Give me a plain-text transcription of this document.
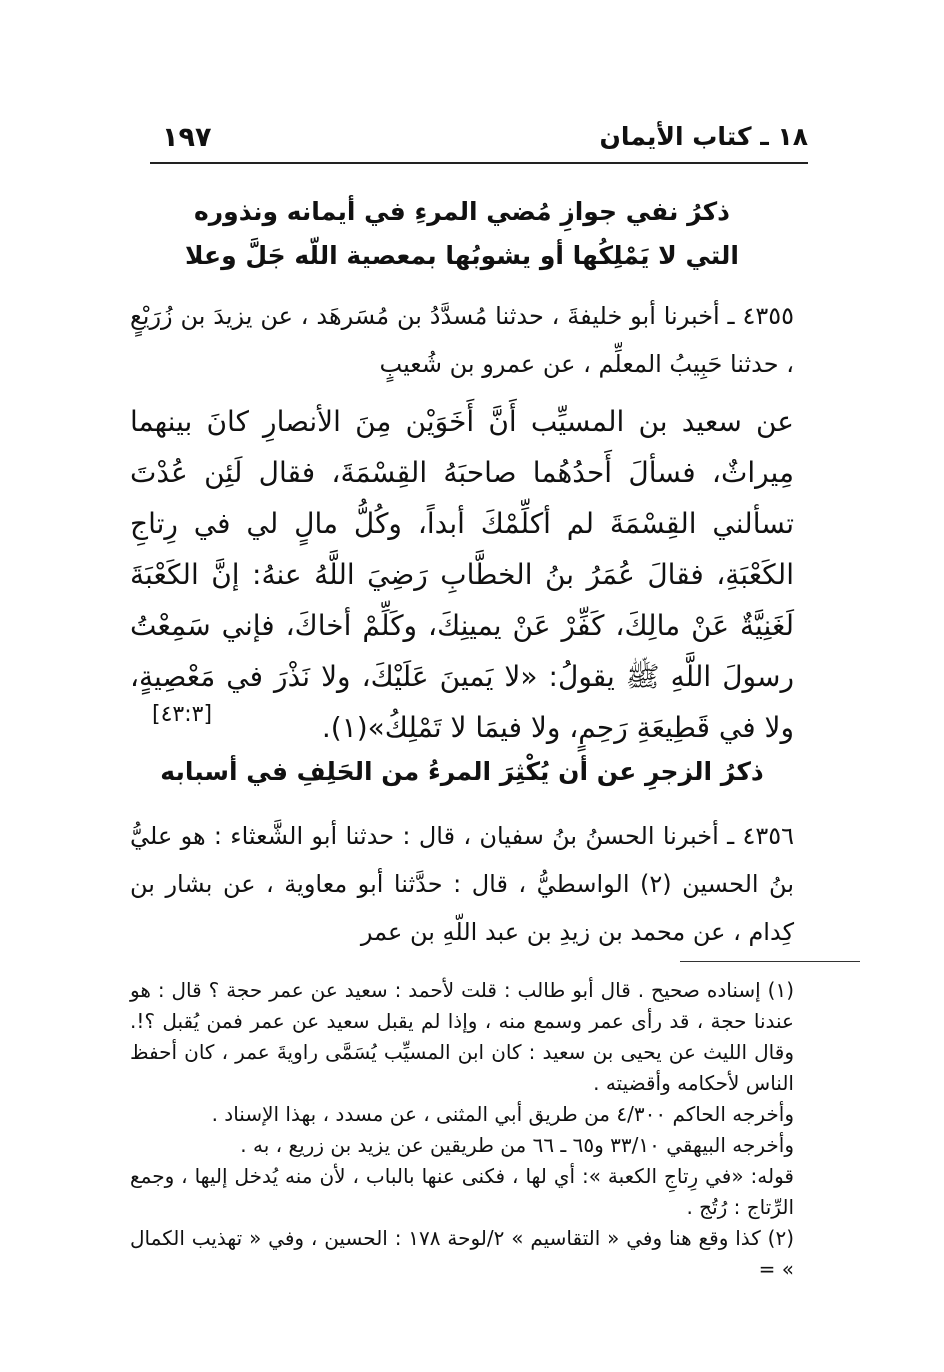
١٩٧	١٨ ـ كتاب الأيمان
ذكرُ نفي جوازِ مُضي المرءِ في أيمانه ونذوره
التي لا يَمْلِكُها أو يشوبُها بمعصية اللّه جَلَّ وعلا
٤٣٥٥ ـ أخبرنا أبو خليفةَ ، حدثنا مُسدَّدُ بن مُسَرهَد ، عن يزيدَ بن زُرَيْعٍ ، حدثنا حَبِيبُ المعلِّم ، عن عمرو بن شُعيبٍ
عن سعيد بن المسيِّب أَنَّ أَخَوَيْن مِنَ الأنصارِ كانَ بينهما مِيراثٌ، فسألَ أَحدُهُما صاحبَهُ القِسْمَةَ، فقال لَئِن عُدْتَ تسألني القِسْمَةَ لم أكلِّمْكَ أبداً، وكُلُّ مالٍ لي في رِتاجِ الكَعْبَةِ، فقالَ عُمَرُ بنُ الخطَّابِ رَضِيَ اللَّهُ عنهُ: إنَّ الكَعْبَةَ لَغَنِيَّةٌ عَنْ مالِكَ، كَفِّرْ عَنْ يمينِكَ، وكَلِّمْ أخاكَ، فإني سَمِعْتُ رسولَ اللَّهِ ﷺ يقولُ: «لا يَمينَ عَلَيْكَ، ولا نَذْرَ في مَعْصِيةٍ، ولا في قَطِيعَةِ رَحِمٍ، ولا فيمَا لا تَمْلِكُ»(١).
[٤٣:٣]
ذكرُ الزجرِ عن أن يُكْثِرَ المرءُ من الحَلِفِ في أسبابه
٤٣٥٦ ـ أخبرنا الحسنُ بنُ سفيان ، قال : حدثنا أبو الشَّعثاء : هو عليُّ بنُ الحسين (٢) الواسطيُّ ، قال : حدَّثنا أبو معاوية ، عن بشار بن كِدام ، عن محمد بن زيدِ بن عبد اللّهِ بن عمر

(١) إسناده صحيح . قال أبو طالب : قلت لأحمد : سعيد عن عمر حجة ؟ قال : هو عندنا حجة ، قد رأى عمر وسمع منه ، وإذا لم يقبل سعيد عن عمر فمن يُقبل ؟!. وقال الليث عن يحيى بن سعيد : كان ابن المسيِّب يُسَمَّى راويةَ عمر ، كان أحفظ الناس لأحكامه وأقضيته .

وأخرجه الحاكم ٤/٣٠٠ من طريق أبي المثنى ، عن مسدد ، بهذا الإسناد .

وأخرجه البيهقي ٣٣/١٠ و٦٥ ـ ٦٦ من طريقين عن يزيد بن زريع ، به .

قوله: «في رِتاجِ الكعبة »: أي لها ، فكنى عنها بالباب ، لأن منه يُدخل إليها ، وجمع الرِّتاج : رُتُج .

(٢) كذا وقع هنا وفي « التقاسيم » ٢/لوحة ١٧٨ : الحسين ، وفي « تهذيب الكمال » =
